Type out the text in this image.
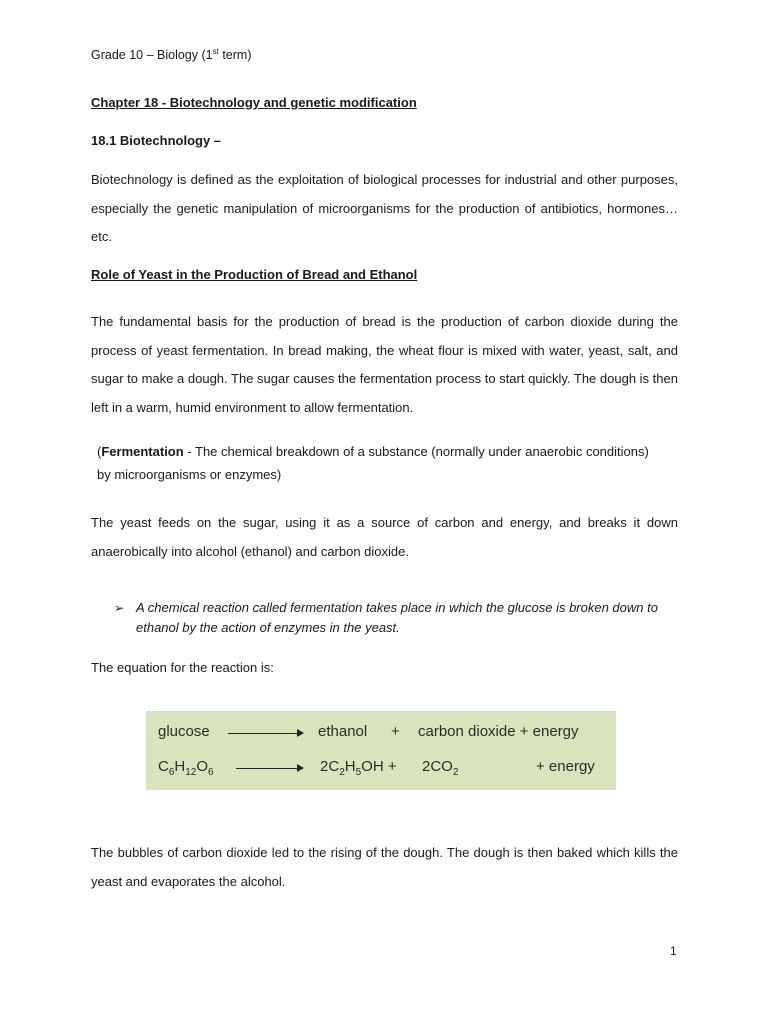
Grade 10 – Biology (1st term)

Chapter 18 - Biotechnology and genetic modification

18.1 Biotechnology –

Biotechnology is defined as the exploitation of biological processes for industrial and other purposes, especially the genetic manipulation of microorganisms for the production of antibiotics, hormones…etc.

Role of Yeast in the Production of Bread and Ethanol

The fundamental basis for the production of bread is the production of carbon dioxide during the process of yeast fermentation. In bread making, the wheat flour is mixed with water, yeast, salt, and sugar to make a dough. The sugar causes the fermentation process to start quickly. The dough is then left in a warm, humid environment to allow fermentation.

(Fermentation - The chemical breakdown of a substance (normally under anaerobic conditions) by microorganisms or enzymes)

The yeast feeds on the sugar, using it as a source of carbon and energy, and breaks it down anaerobically into alcohol (ethanol) and carbon dioxide.

➢ A chemical reaction called fermentation takes place in which the glucose is broken down to ethanol by the action of enzymes in the yeast.

The equation for the reaction is:

glucose	ethanol + carbon dioxide + energy
$C_6H_{12}O_6$	$2C_2H_5OH + 2CO_2$	+ energy

The bubbles of carbon dioxide led to the rising of the dough. The dough is then baked which kills the yeast and evaporates the alcohol.

1
